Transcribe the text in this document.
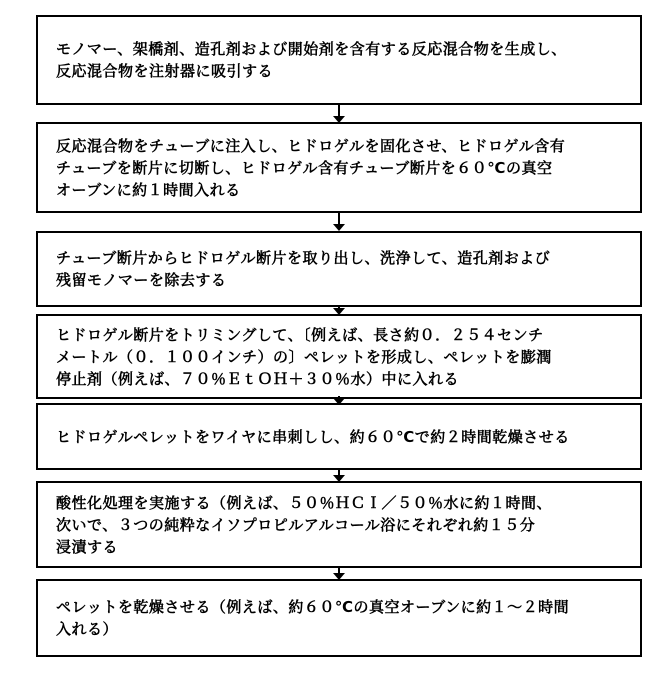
モノマー、架橋剤、造孔剤および開始剤を含有する反応混合物を生成し、
反応混合物を注射器に吸引する
反応混合物をチューブに注入し、ヒドロゲルを固化させ、ヒドロゲル含有
チューブを断片に切断し、ヒドロゲル含有チューブ断片を６０℃の真空
オーブンに約１時間入れる
チューブ断片からヒドロゲル断片を取り出し、洗浄して、造孔剤および
残留モノマーを除去する
ヒドロゲル断片をトリミングして、〔例えば、長さ約０．２５４センチ
メートル（０．１００インチ）の〕ペレットを形成し、ペレットを膨潤
停止剤（例えば、７０％ＥｔＯＨ＋３０％水）中に入れる
ヒドロゲルペレットをワイヤに串刺しし、約６０℃で約２時間乾燥させる
酸性化処理を実施する（例えば、５０％ＨＣＩ／５０％水に約１時間、
次いで、３つの純粋なイソプロピルアルコール浴にそれぞれ約１５分
浸漬する
ペレットを乾燥させる（例えば、約６０℃の真空オーブンに約１～２時間
入れる）
